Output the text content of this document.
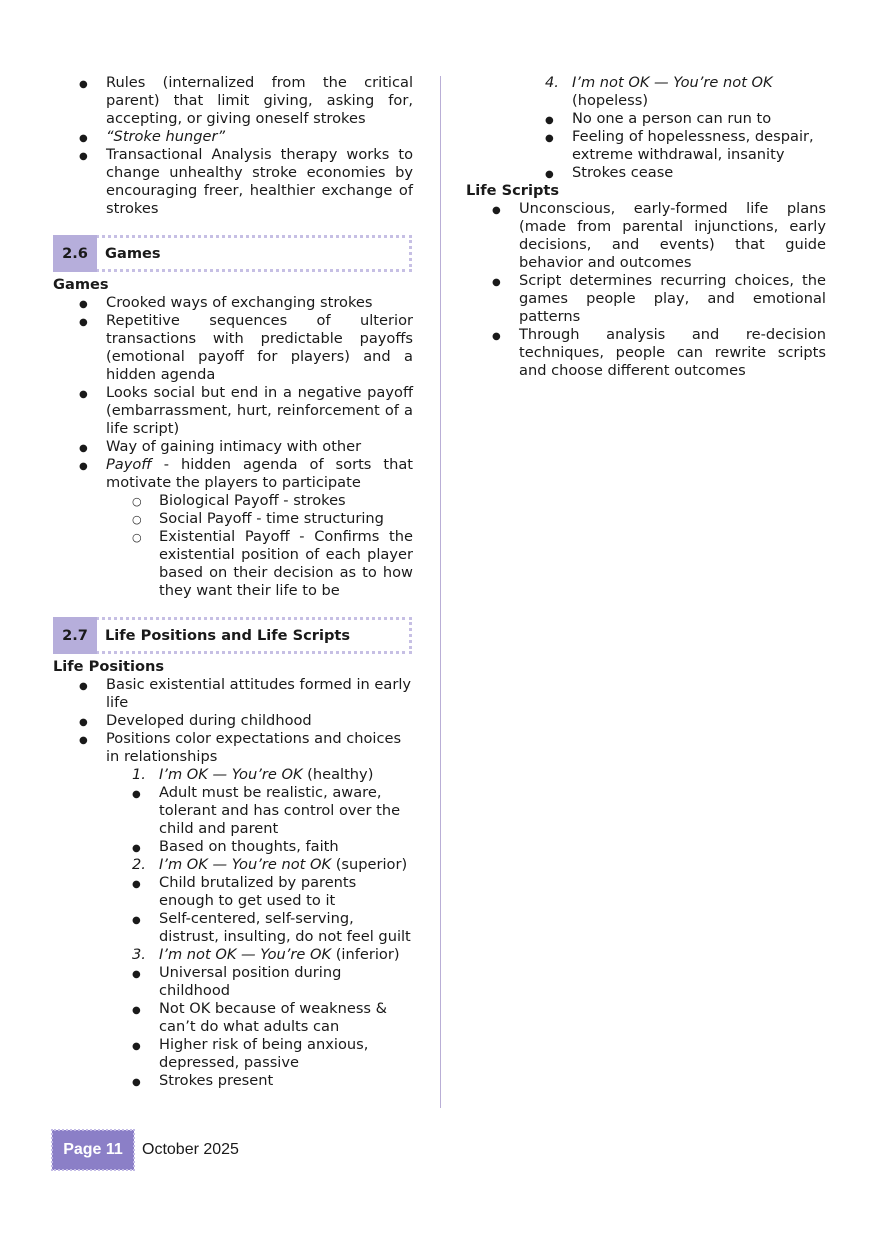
●
Rules (internalized from the critical parent) that limit giving, asking for, accepting, or giving oneself strokes
●
“Stroke hunger”
●
Transactional Analysis therapy works to change unhealthy stroke economies by encouraging freer, healthier exchange of strokes
2.6	Games
Games
●
Crooked ways of exchanging strokes
●
Repetitive sequences of ulterior transactions with predictable payoffs (emotional payoff for players) and a hidden agenda
●
Looks social but end in a negative payoff (embarrassment, hurt, reinforcement of a life script)
●
Way of gaining intimacy with other
●
Payoff - hidden agenda of sorts that motivate the players to participate
○
Biological Payoff - strokes
○
Social Payoff - time structuring
○
Existential Payoff - Confirms the existential position of each player based on their decision as to how they want their life to be
2.7	Life Positions and Life Scripts
Life Positions
●
Basic existential attitudes formed in early life
●
Developed during childhood
●
Positions color expectations and choices in relationships
1. I’m OK — You’re OK (healthy)
●
Adult must be realistic, aware, tolerant and has control over the child and parent
●
Based on thoughts, faith
2. I’m OK — You’re not OK (superior)
●
Child brutalized by parents enough to get used to it
●
Self-centered, self-serving, distrust, insulting, do not feel guilt
3. I’m not OK — You’re OK (inferior)
●
Universal position during childhood
●
Not OK because of weakness & can’t do what adults can
●
Higher risk of being anxious, depressed, passive
●
Strokes present
4. I’m not OK — You’re not OK
(hopeless)
●
No one a person can run to
●
Feeling of hopelessness, despair, extreme withdrawal, insanity
●
Strokes cease
Life Scripts
●
Unconscious, early-formed life plans (made from parental injunctions, early decisions, and events) that guide behavior and outcomes
●
Script determines recurring choices, the games people play, and emotional patterns
●
Through analysis and re-decision techniques, people can rewrite scripts and choose different outcomes
Page 11	October 2025
